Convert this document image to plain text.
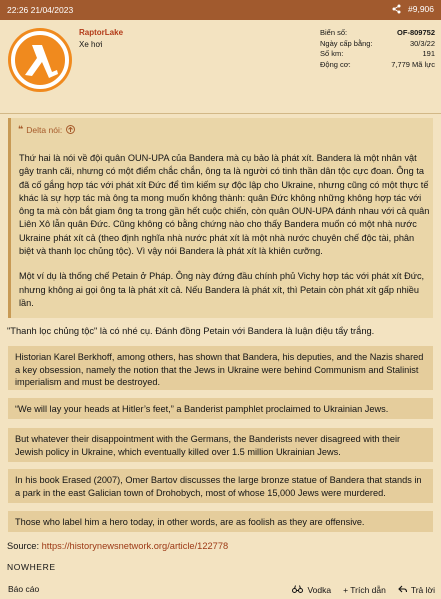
22:26 21/04/2023	#9,906
RaptorLake
Xe hơi
Biển số:	OF-809752
Ngày cấp bằng:	30/3/22
Số km:	191
Động cơ:	7,779 Mã lực
❝ Delta nói:

Thứ hai là nói về đội quân OUN-UPA của Bandera mà cụ bảo là phát xít. Bandera là một nhân vật gây tranh cãi, nhưng có một điểm chắc chắn, ông ta là người có tinh thần dân tộc cực đoan. Ông ta đã cố gắng hợp tác với phát xít Đức để tìm kiếm sự độc lập cho Ukraine, nhưng cũng có một thực tế khác là sự hợp tác mà ông ta mong muốn không thành: quân Đức không những không hợp tác với ông ta mà còn bắt giam ông ta trong gần hết cuộc chiến, còn quân OUN-UPA đánh nhau với cả quân Liên Xô lẫn quân Đức. Cũng không có bằng chứng nào cho thấy Bandera muốn có một nhà nước Ukraine phát xít cả (theo định nghĩa nhà nước phát xít là một nhà nước chuyên chế độc tài, phân biệt và thanh lọc chủng tộc). Vì vậy nói Bandera là phát xít là khiên cưỡng.

Một ví dụ là thống chế Petain ở Pháp. Ông này đứng đầu chính phủ Vichy hợp tác với phát xít Đức, nhưng không ai gọi ông ta là phát xít cả. Nếu Bandera là phát xít, thì Petain còn phát xít gấp nhiều lần.

"Thanh lọc chủng tộc" là có nhé cụ. Đánh đồng Petain với Bandera là luận điệu tẩy trắng.
Historian Karel Berkhoff, among others, has shown that Bandera, his deputies, and the Nazis shared a key obsession, namely the notion that the Jews in Ukraine were behind Communism and Stalinist imperialism and must be destroyed.
“We will lay your heads at Hitler’s feet,” a Banderist pamphlet proclaimed to Ukrainian Jews.
But whatever their disappointment with the Germans, the Banderists never disagreed with their Jewish policy in Ukraine, which eventually killed over 1.5 million Ukrainian Jews.
In his book Erased (2007), Omer Bartov discusses the large bronze statue of Bandera that stands in a park in the east Galician town of Drohobych, most of whose 15,000 Jews were murdered.
Those who label him a hero today, in other words, are as foolish as they are offensive.
Source: https://historynewsnetwork.org/article/122778
NOWHERE
Báo cáo	Vodka + Trích dẫn	Trả lời
